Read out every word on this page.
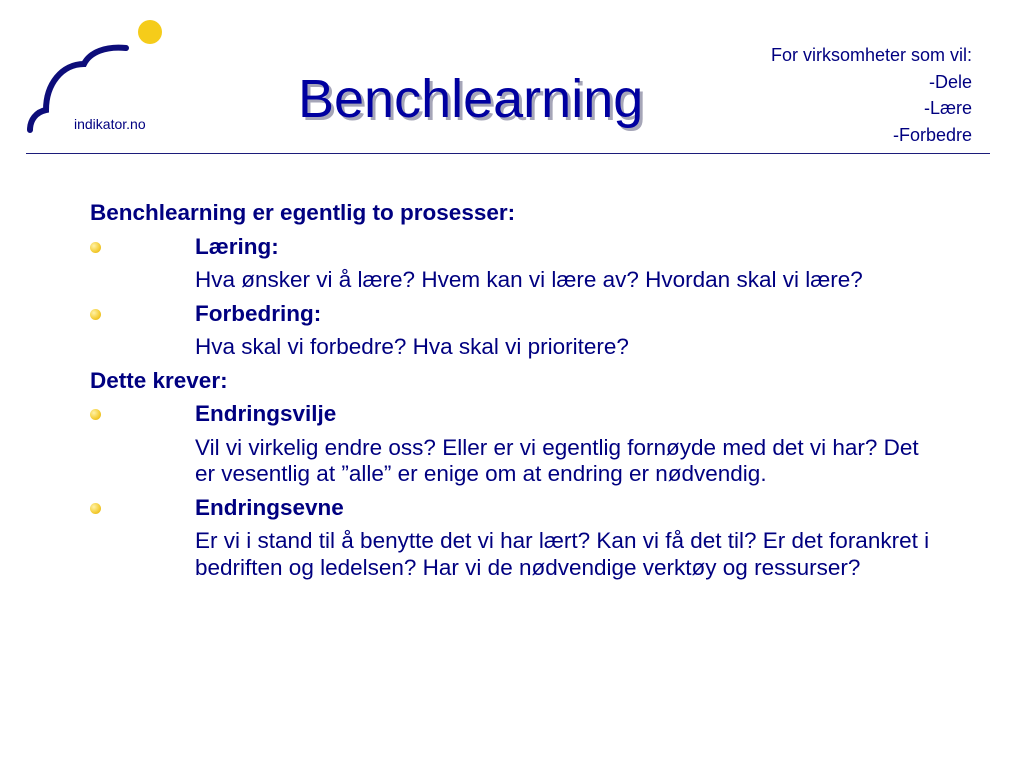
indikator.no	Benchlearning
For virksomheter som vil:
-Dele
-Lære
-Forbedre
Benchlearning er egentlig to prosesser:
Læring:
Hva ønsker vi å lære? Hvem kan vi lære av? Hvordan skal vi lære?
Forbedring:
Hva skal vi forbedre? Hva skal vi prioritere?
Dette krever:
Endringsvilje
Vil vi virkelig endre oss? Eller er vi egentlig fornøyde med det vi har? Det er vesentlig at ”alle” er enige om at endring er nødvendig.
Endringsevne
Er vi i stand til å benytte det vi har lært? Kan vi få det til? Er det forankret i bedriften og ledelsen? Har vi de nødvendige verktøy og ressurser?
